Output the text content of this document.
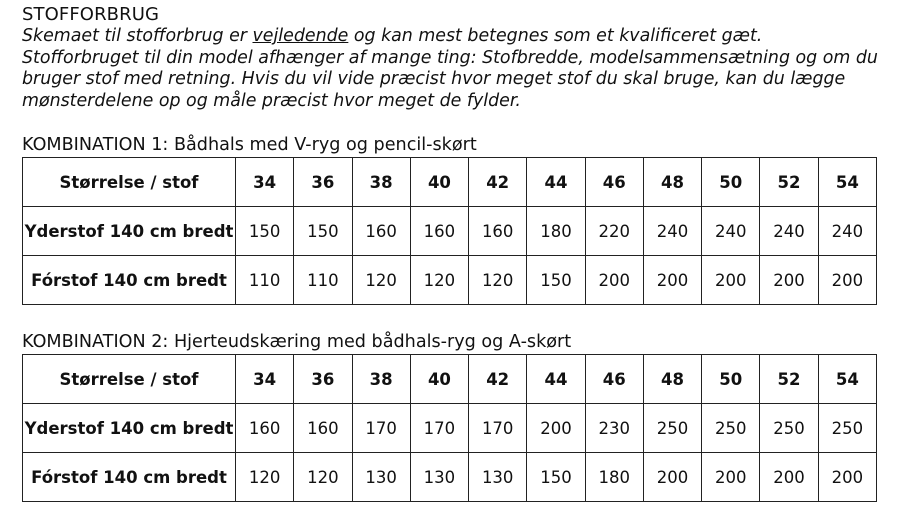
STOFFORBRUG

Skemaet til stofforbrug er vejledende og kan mest betegnes som et kvalificeret gæt. Stofforbruget til din model afhænger af mange ting: Stofbredde, modelsammensætning og om du bruger stof med retning. Hvis du vil vide præcist hvor meget stof du skal bruge, kan du lægge mønsterdelene op og måle præcist hvor meget de fylder.

KOMBINATION 1: Bådhals med V-ryg og pencil-skørt
Størrelse / stof	34	36	38	40	42	44	46	48	50	52	54
Yderstof 140 cm bredt	150	150	160	160	160	180	220	240	240	240	240
Fórstof 140 cm bredt	110	110	120	120	120	150	200	200	200	200	200
KOMBINATION 2: Hjerteudskæring med bådhals-ryg og A-skørt
Størrelse / stof	34	36	38	40	42	44	46	48	50	52	54
Yderstof 140 cm bredt	160	160	170	170	170	200	230	250	250	250	250
Fórstof 140 cm bredt	120	120	130	130	130	150	180	200	200	200	200
